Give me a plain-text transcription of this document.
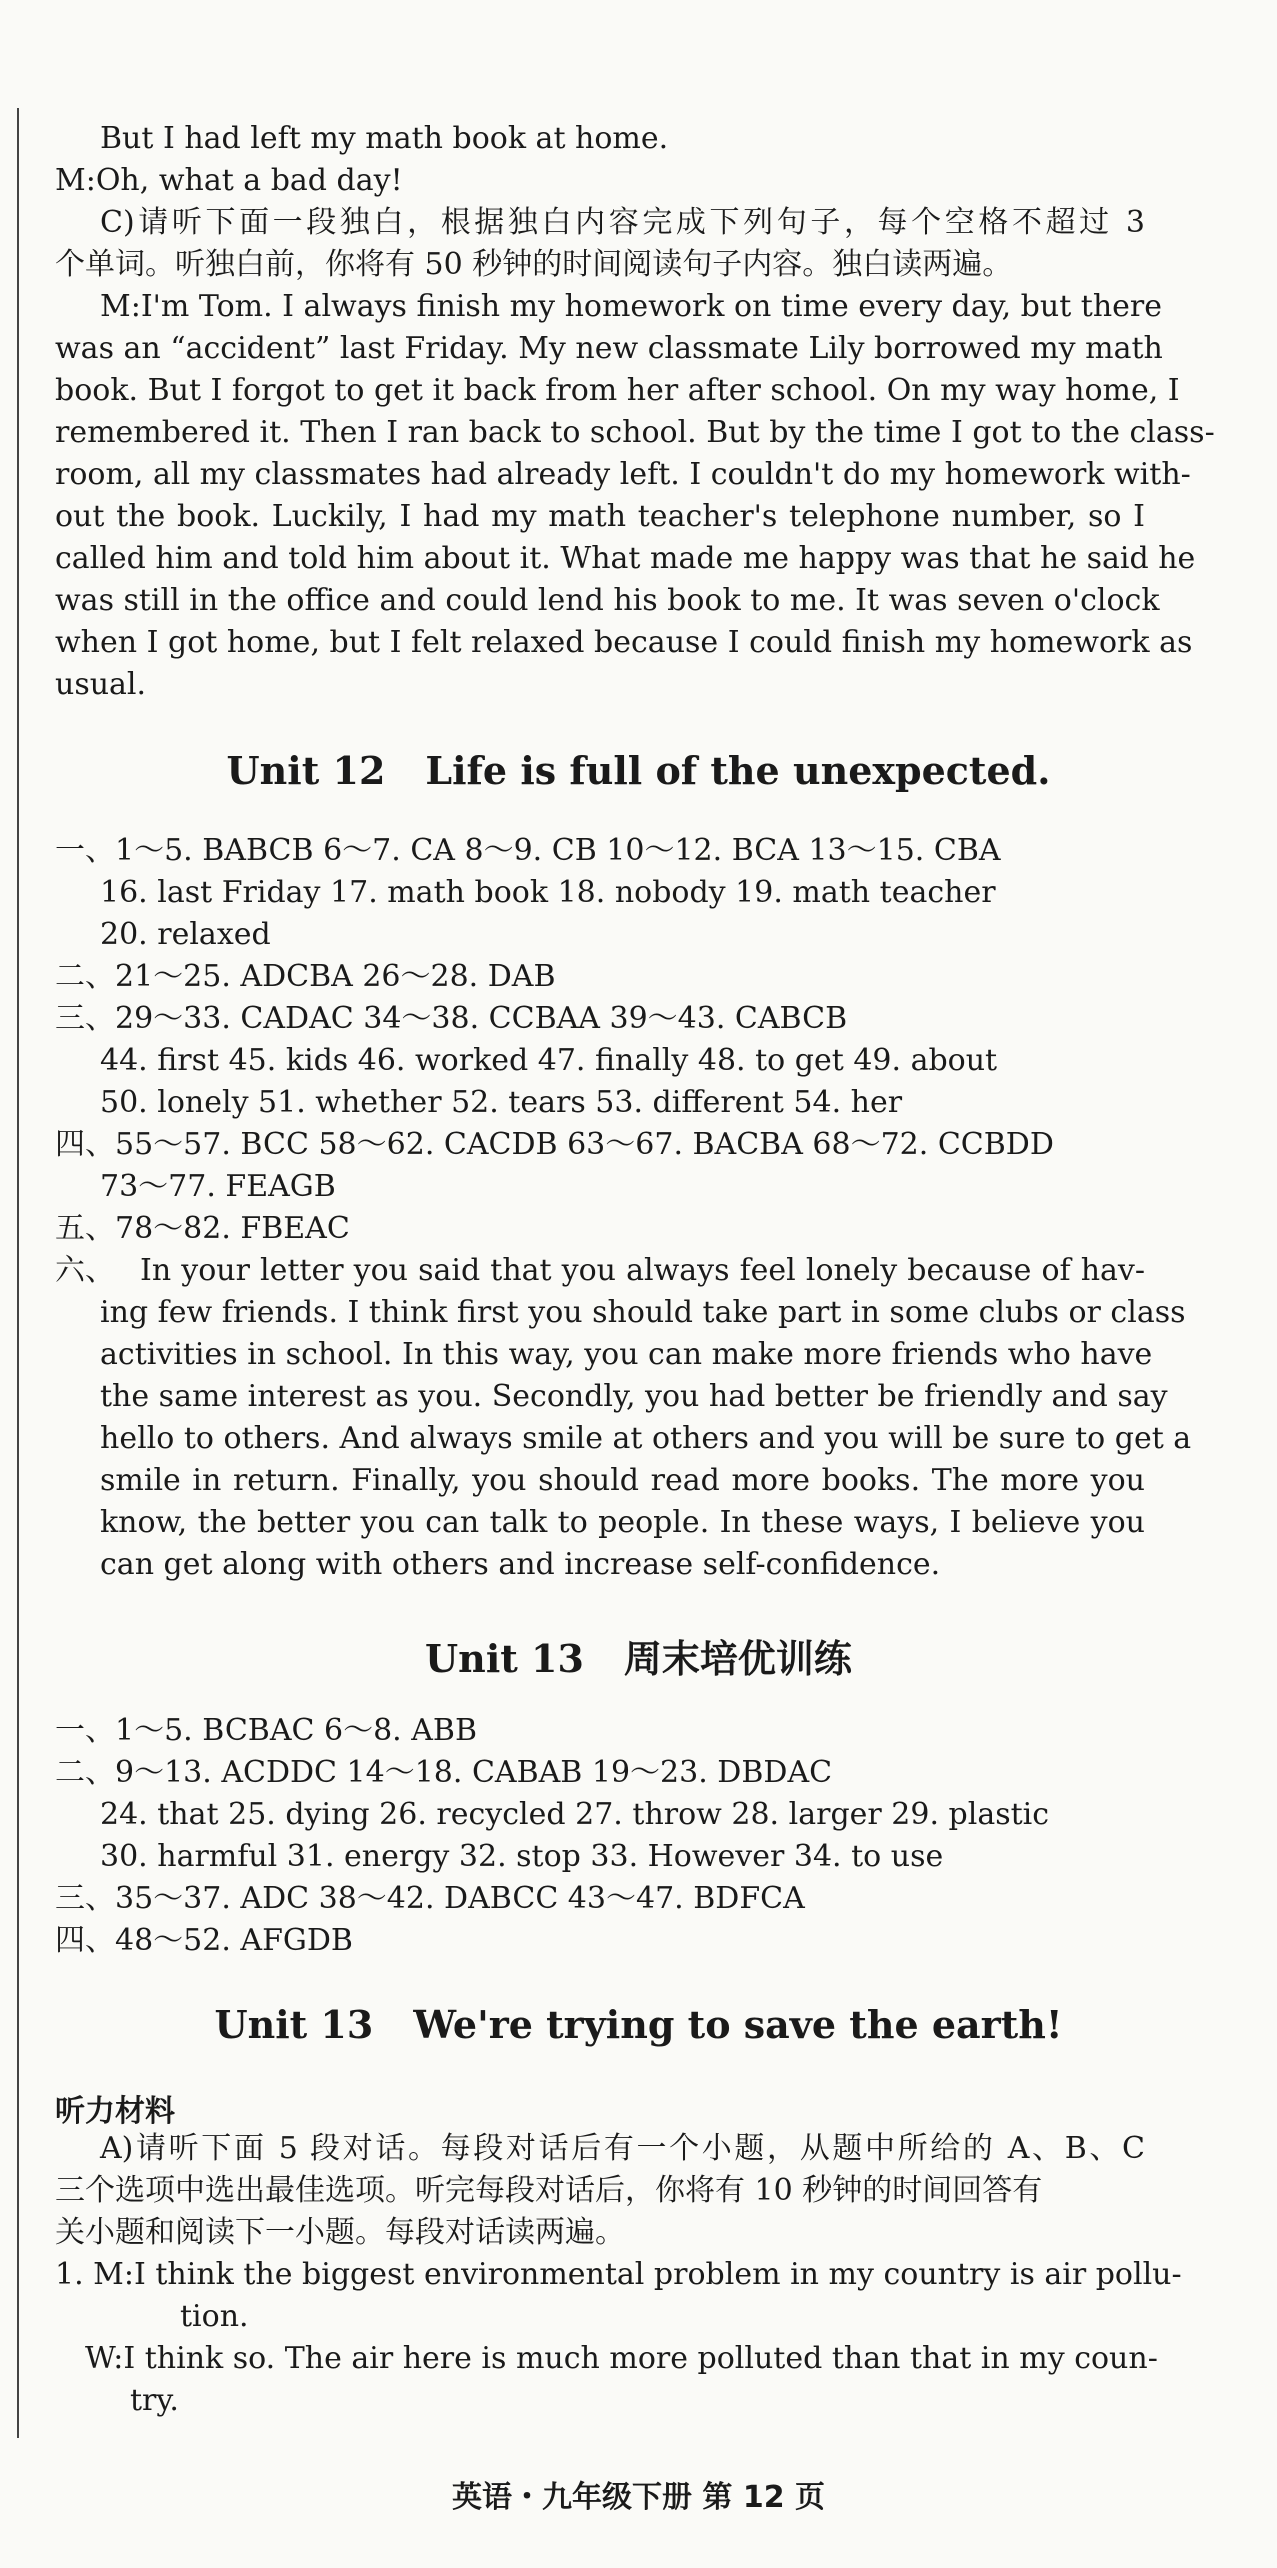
But I had left my math book at home.
M:Oh, what a bad day!
C)请听下面一段独白，根据独白内容完成下列句子，每个空格不超过 3
个单词。听独白前，你将有 50 秒钟的时间阅读句子内容。独白读两遍。
M:I'm Tom. I always finish my homework on time every day, but there
was an “accident” last Friday. My new classmate Lily borrowed my math
book. But I forgot to get it back from her after school. On my way home, I
remembered it. Then I ran back to school. But by the time I got to the class-
room, all my classmates had already left. I couldn't do my homework with-
out the book. Luckily, I had my math teacher's telephone number, so I
called him and told him about it. What made me happy was that he said he
was still in the office and could lend his book to me. It was seven o'clock
when I got home, but I felt relaxed because I could finish my homework as
usual.
Unit 12 Life is full of the unexpected.
一、1～5. BABCB 6～7. CA 8～9. CB 10～12. BCA 13～15. CBA
16. last Friday 17. math book 18. nobody 19. math teacher
20. relaxed
二、21～25. ADCBA 26～28. DAB
三、29～33. CADAC 34～38. CCBAA 39～43. CABCB
44. first 45. kids 46. worked 47. finally 48. to get 49. about
50. lonely 51. whether 52. tears 53. different 54. her
四、55～57. BCC 58～62. CACDB 63～67. BACBA 68～72. CCBDD
73～77. FEAGB
五、78～82. FBEAC
六、 In your letter you said that you always feel lonely because of hav-
ing few friends. I think first you should take part in some clubs or class
activities in school. In this way, you can make more friends who have
the same interest as you. Secondly, you had better be friendly and say
hello to others. And always smile at others and you will be sure to get a
smile in return. Finally, you should read more books. The more you
know, the better you can talk to people. In these ways, I believe you
can get along with others and increase self-confidence.
Unit 13 周末培优训练
一、1～5. BCBAC 6～8. ABB
二、9～13. ACDDC 14～18. CABAB 19～23. DBDAC
24. that 25. dying 26. recycled 27. throw 28. larger 29. plastic
30. harmful 31. energy 32. stop 33. However 34. to use
三、35～37. ADC 38～42. DABCC 43～47. BDFCA
四、48～52. AFGDB
Unit 13 We're trying to save the earth!
听力材料
A)请听下面 5 段对话。每段对话后有一个小题，从题中所给的 A、B、C
三个选项中选出最佳选项。听完每段对话后，你将有 10 秒钟的时间回答有
关小题和阅读下一小题。每段对话读两遍。
1. M:I think the biggest environmental problem in my country is air pollu-
tion.
W:I think so. The air here is much more polluted than that in my coun-
try.
英语・九年级下册 第 12 页
